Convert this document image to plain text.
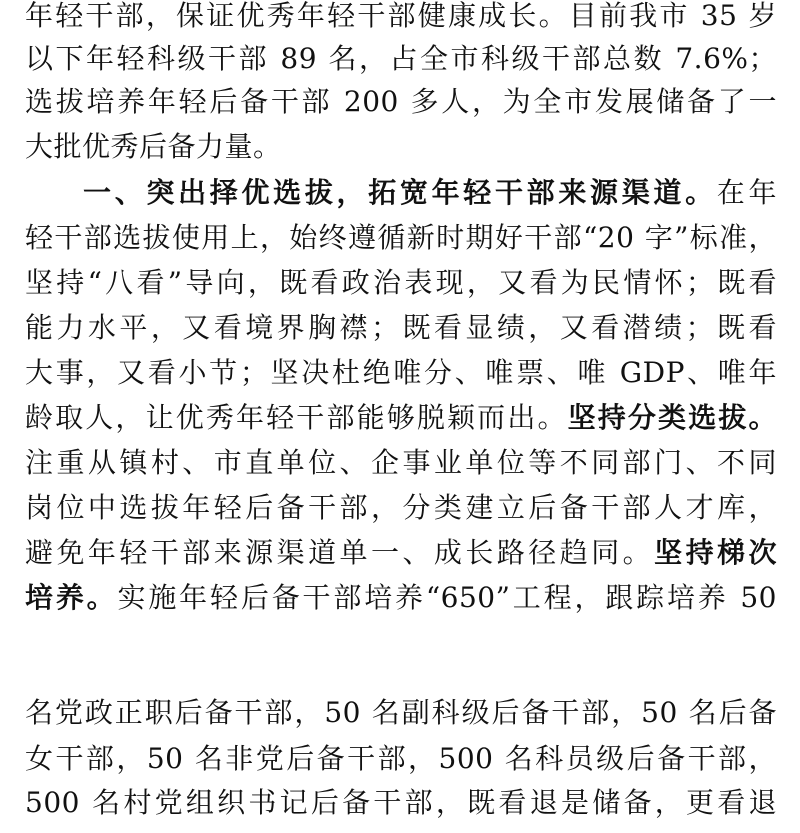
年轻干部，保证优秀年轻干部健康成长。目前我市 35 岁
以下年轻科级干部 89 名，占全市科级干部总数 7.6%；
选拔培养年轻后备干部 200 多人，为全市发展储备了一
大批优秀后备力量。
一、突出择优选拔，拓宽年轻干部来源渠道。在年
轻干部选拔使用上，始终遵循新时期好干部“20 字”标准，
坚持“八看”导向，既看政治表现，又看为民情怀；既看
能力水平，又看境界胸襟；既看显绩，又看潜绩；既看
大事，又看小节；坚决杜绝唯分、唯票、唯 GDP、唯年
龄取人，让优秀年轻干部能够脱颖而出。坚持分类选拔。
注重从镇村、市直单位、企事业单位等不同部门、不同
岗位中选拔年轻后备干部，分类建立后备干部人才库，
避免年轻干部来源渠道单一、成长路径趋同。坚持梯次
培养。实施年轻后备干部培养“650”工程，跟踪培养 50
名党政正职后备干部，50 名副科级后备干部，50 名后备
女干部，50 名非党后备干部，500 名科员级后备干部，
500 名村党组织书记后备干部，既看退是储备，更看退
